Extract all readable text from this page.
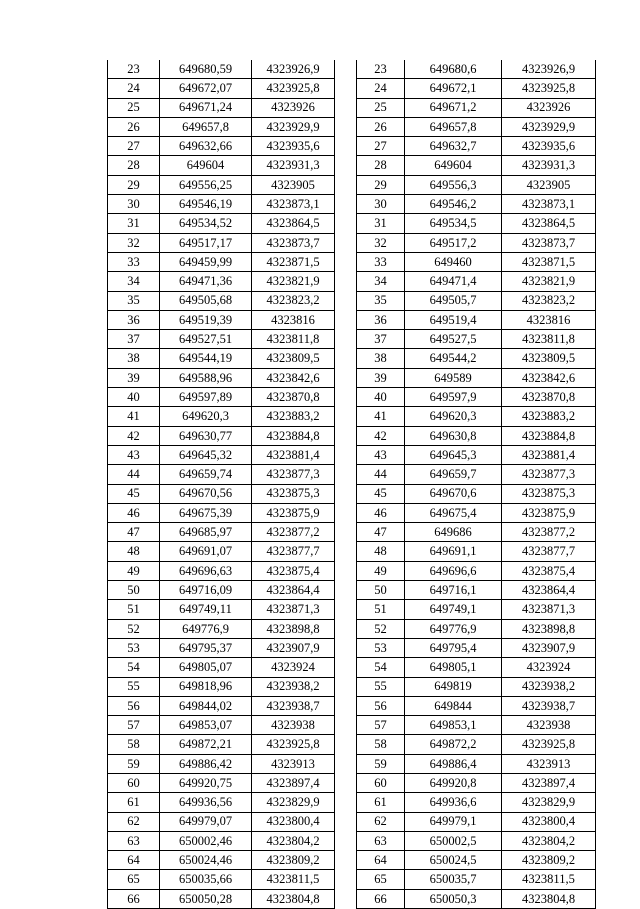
23	649680,59	4323926,9
24	649672,07	4323925,8
25	649671,24	4323926
26	649657,8	4323929,9
27	649632,66	4323935,6
28	649604	4323931,3
29	649556,25	4323905
30	649546,19	4323873,1
31	649534,52	4323864,5
32	649517,17	4323873,7
33	649459,99	4323871,5
34	649471,36	4323821,9
35	649505,68	4323823,2
36	649519,39	4323816
37	649527,51	4323811,8
38	649544,19	4323809,5
39	649588,96	4323842,6
40	649597,89	4323870,8
41	649620,3	4323883,2
42	649630,77	4323884,8
43	649645,32	4323881,4
44	649659,74	4323877,3
45	649670,56	4323875,3
46	649675,39	4323875,9
47	649685,97	4323877,2
48	649691,07	4323877,7
49	649696,63	4323875,4
50	649716,09	4323864,4
51	649749,11	4323871,3
52	649776,9	4323898,8
53	649795,37	4323907,9
54	649805,07	4323924
55	649818,96	4323938,2
56	649844,02	4323938,7
57	649853,07	4323938
58	649872,21	4323925,8
59	649886,42	4323913
60	649920,75	4323897,4
61	649936,56	4323829,9
62	649979,07	4323800,4
63	650002,46	4323804,2
64	650024,46	4323809,2
65	650035,66	4323811,5
66	650050,28	4323804,8
23	649680,6	4323926,9
24	649672,1	4323925,8
25	649671,2	4323926
26	649657,8	4323929,9
27	649632,7	4323935,6
28	649604	4323931,3
29	649556,3	4323905
30	649546,2	4323873,1
31	649534,5	4323864,5
32	649517,2	4323873,7
33	649460	4323871,5
34	649471,4	4323821,9
35	649505,7	4323823,2
36	649519,4	4323816
37	649527,5	4323811,8
38	649544,2	4323809,5
39	649589	4323842,6
40	649597,9	4323870,8
41	649620,3	4323883,2
42	649630,8	4323884,8
43	649645,3	4323881,4
44	649659,7	4323877,3
45	649670,6	4323875,3
46	649675,4	4323875,9
47	649686	4323877,2
48	649691,1	4323877,7
49	649696,6	4323875,4
50	649716,1	4323864,4
51	649749,1	4323871,3
52	649776,9	4323898,8
53	649795,4	4323907,9
54	649805,1	4323924
55	649819	4323938,2
56	649844	4323938,7
57	649853,1	4323938
58	649872,2	4323925,8
59	649886,4	4323913
60	649920,8	4323897,4
61	649936,6	4323829,9
62	649979,1	4323800,4
63	650002,5	4323804,2
64	650024,5	4323809,2
65	650035,7	4323811,5
66	650050,3	4323804,8
